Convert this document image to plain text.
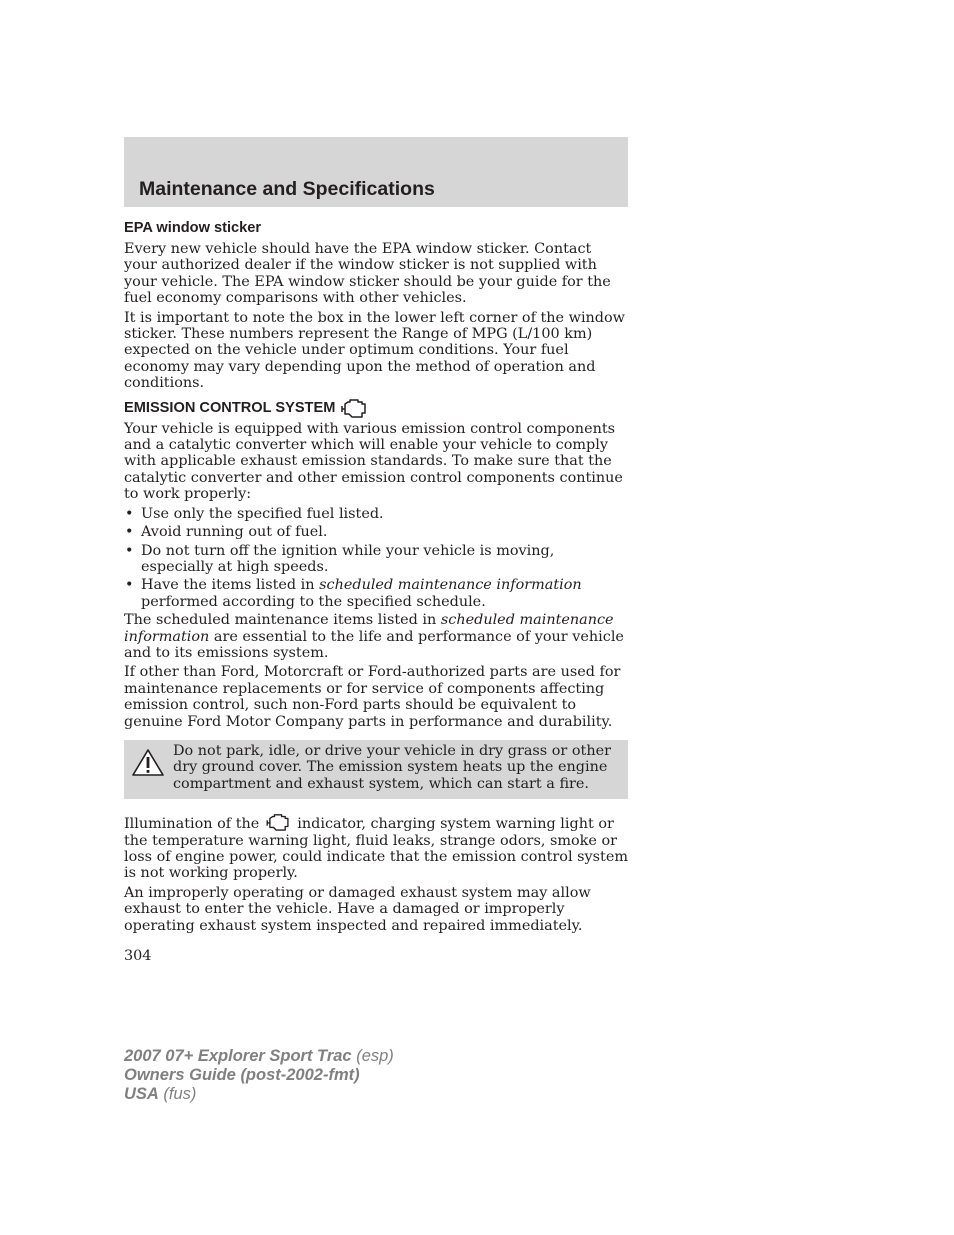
Maintenance and Specifications
EPA window sticker

Every new vehicle should have the EPA window sticker. Contact your authorized dealer if the window sticker is not supplied with your vehicle. The EPA window sticker should be your guide for the fuel economy comparisons with other vehicles.

It is important to note the box in the lower left corner of the window sticker. These numbers represent the Range of MPG (L/100 km) expected on the vehicle under optimum conditions. Your fuel economy may vary depending upon the method of operation and conditions.

EMISSION CONTROL SYSTEM

Your vehicle is equipped with various emission control components and a catalytic converter which will enable your vehicle to comply with applicable exhaust emission standards. To make sure that the catalytic converter and other emission control components continue to work properly:

• Use only the specified fuel listed.
• Avoid running out of fuel.
• Do not turn off the ignition while your vehicle is moving, especially at high speeds.
• Have the items listed in scheduled maintenance information performed according to the specified schedule.

The scheduled maintenance items listed in scheduled maintenance information are essential to the life and performance of your vehicle and to its emissions system.

If other than Ford, Motorcraft or Ford-authorized parts are used for maintenance replacements or for service of components affecting emission control, such non-Ford parts should be equivalent to genuine Ford Motor Company parts in performance and durability.

Do not park, idle, or drive your vehicle in dry grass or other dry ground cover. The emission system heats up the engine compartment and exhaust system, which can start a fire.

Illumination of the	indicator, charging system warning light or the temperature warning light, fluid leaks, strange odors, smoke or loss of engine power, could indicate that the emission control system is not working properly.

An improperly operating or damaged exhaust system may allow exhaust to enter the vehicle. Have a damaged or improperly operating exhaust system inspected and repaired immediately.

304
2007 07+ Explorer Sport Trac (esp)
Owners Guide (post-2002-fmt)
USA (fus)
